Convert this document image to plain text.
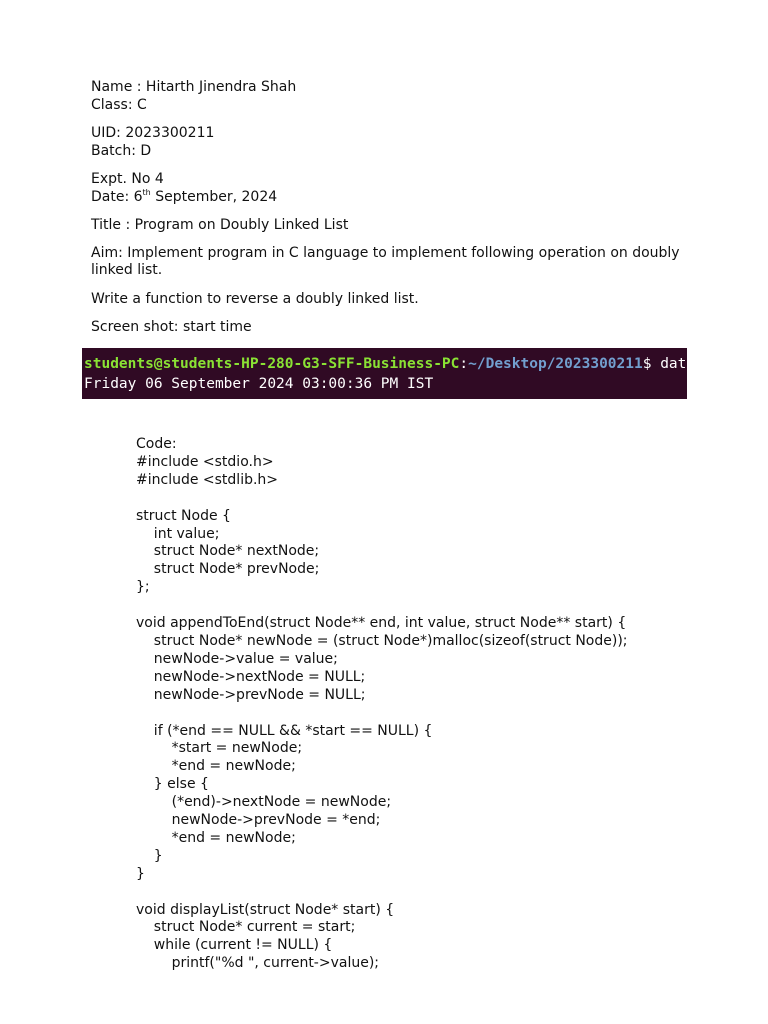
Name : Hitarth Jinendra Shah
Class: C
UID: 2023300211
Batch: D
Expt. No 4
Date: 6th September, 2024
Title : Program on Doubly Linked List
Aim: Implement program in C language to implement following operation on doubly linked list.
Write a function to reverse a doubly linked list.
Screen shot: start time
students@students-HP-280-G3-SFF-Business-PC:~/Desktop/2023300211$ date
Friday 06 September 2024 03:00:36 PM IST
Code:
#include <stdio.h>
#include <stdlib.h>

struct Node {
int value;
struct Node* nextNode;
struct Node* prevNode;
};

void appendToEnd(struct Node** end, int value, struct Node** start) {
struct Node* newNode = (struct Node*)malloc(sizeof(struct Node));
newNode->value = value;
newNode->nextNode = NULL;
newNode->prevNode = NULL;

if (*end == NULL && *start == NULL) {
*start = newNode;
*end = newNode;
} else {
(*end)->nextNode = newNode;
newNode->prevNode = *end;
*end = newNode;
}
}

void displayList(struct Node* start) {
struct Node* current = start;
while (current != NULL) {
printf("%d ", current->value);
